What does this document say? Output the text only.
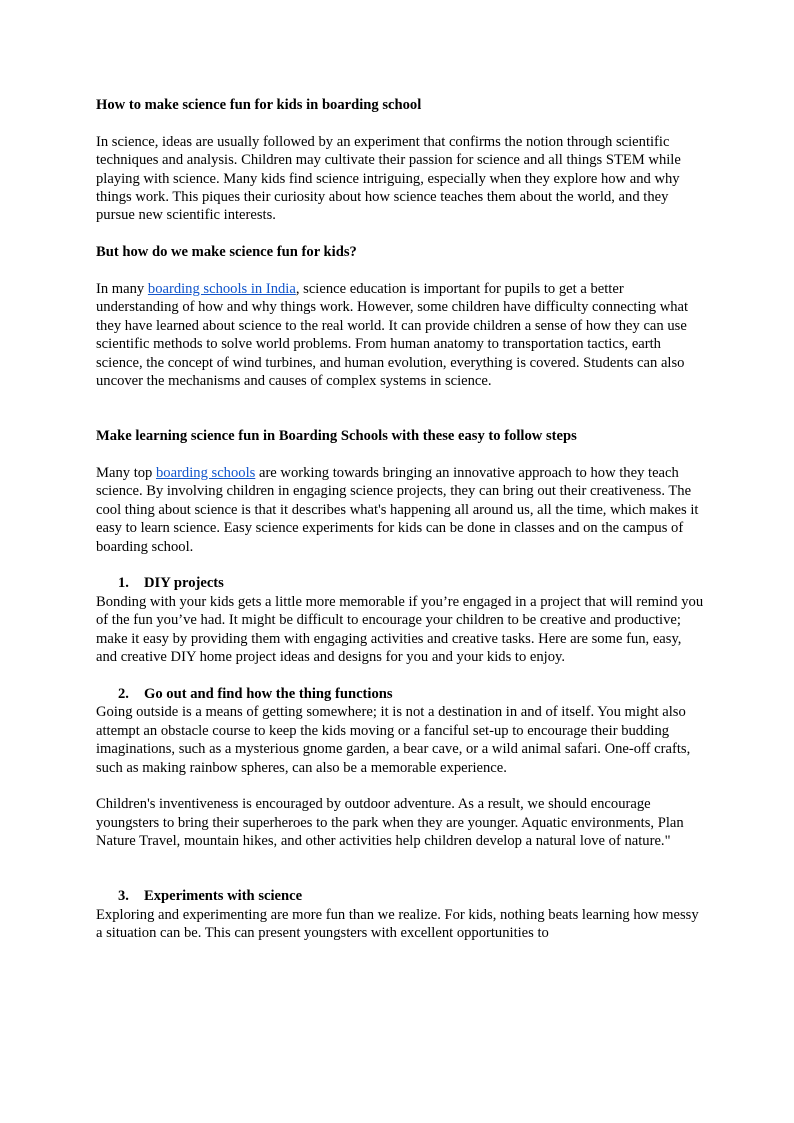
How to make science fun for kids in boarding school

In science, ideas are usually followed by an experiment that confirms the notion through scientific techniques and analysis. Children may cultivate their passion for science and all things STEM while playing with science. Many kids find science intriguing, especially when they explore how and why things work. This piques their curiosity about how science teaches them about the world, and they pursue new scientific interests.

But how do we make science fun for kids?

In many boarding schools in India, science education is important for pupils to get a better understanding of how and why things work. However, some children have difficulty connecting what they have learned about science to the real world. It can provide children a sense of how they can use scientific methods to solve world problems. From human anatomy to transportation tactics, earth science, the concept of wind turbines, and human evolution, everything is covered. Students can also uncover the mechanisms and causes of complex systems in science.

Make learning science fun in Boarding Schools with these easy to follow steps

Many top boarding schools are working towards bringing an innovative approach to how they teach science. By involving children in engaging science projects, they can bring out their creativeness. The cool thing about science is that it describes what's happening all around us, all the time, which makes it easy to learn science. Easy science experiments for kids can be done in classes and on the campus of boarding school.

1. DIY projects

Bonding with your kids gets a little more memorable if you’re engaged in a project that will remind you of the fun you’ve had. It might be difficult to encourage your children to be creative and productive; make it easy by providing them with engaging activities and creative tasks. Here are some fun, easy, and creative DIY home project ideas and designs for you and your kids to enjoy.

2. Go out and find how the thing functions

Going outside is a means of getting somewhere; it is not a destination in and of itself. You might also attempt an obstacle course to keep the kids moving or a fanciful set-up to encourage their budding imaginations, such as a mysterious gnome garden, a bear cave, or a wild animal safari. One-off crafts, such as making rainbow spheres, can also be a memorable experience.

Children's inventiveness is encouraged by outdoor adventure. As a result, we should encourage youngsters to bring their superheroes to the park when they are younger. Aquatic environments, Plan Nature Travel, mountain hikes, and other activities help children develop a natural love of nature."

3. Experiments with science

Exploring and experimenting are more fun than we realize. For kids, nothing beats learning how messy a situation can be. This can present youngsters with excellent opportunities to
